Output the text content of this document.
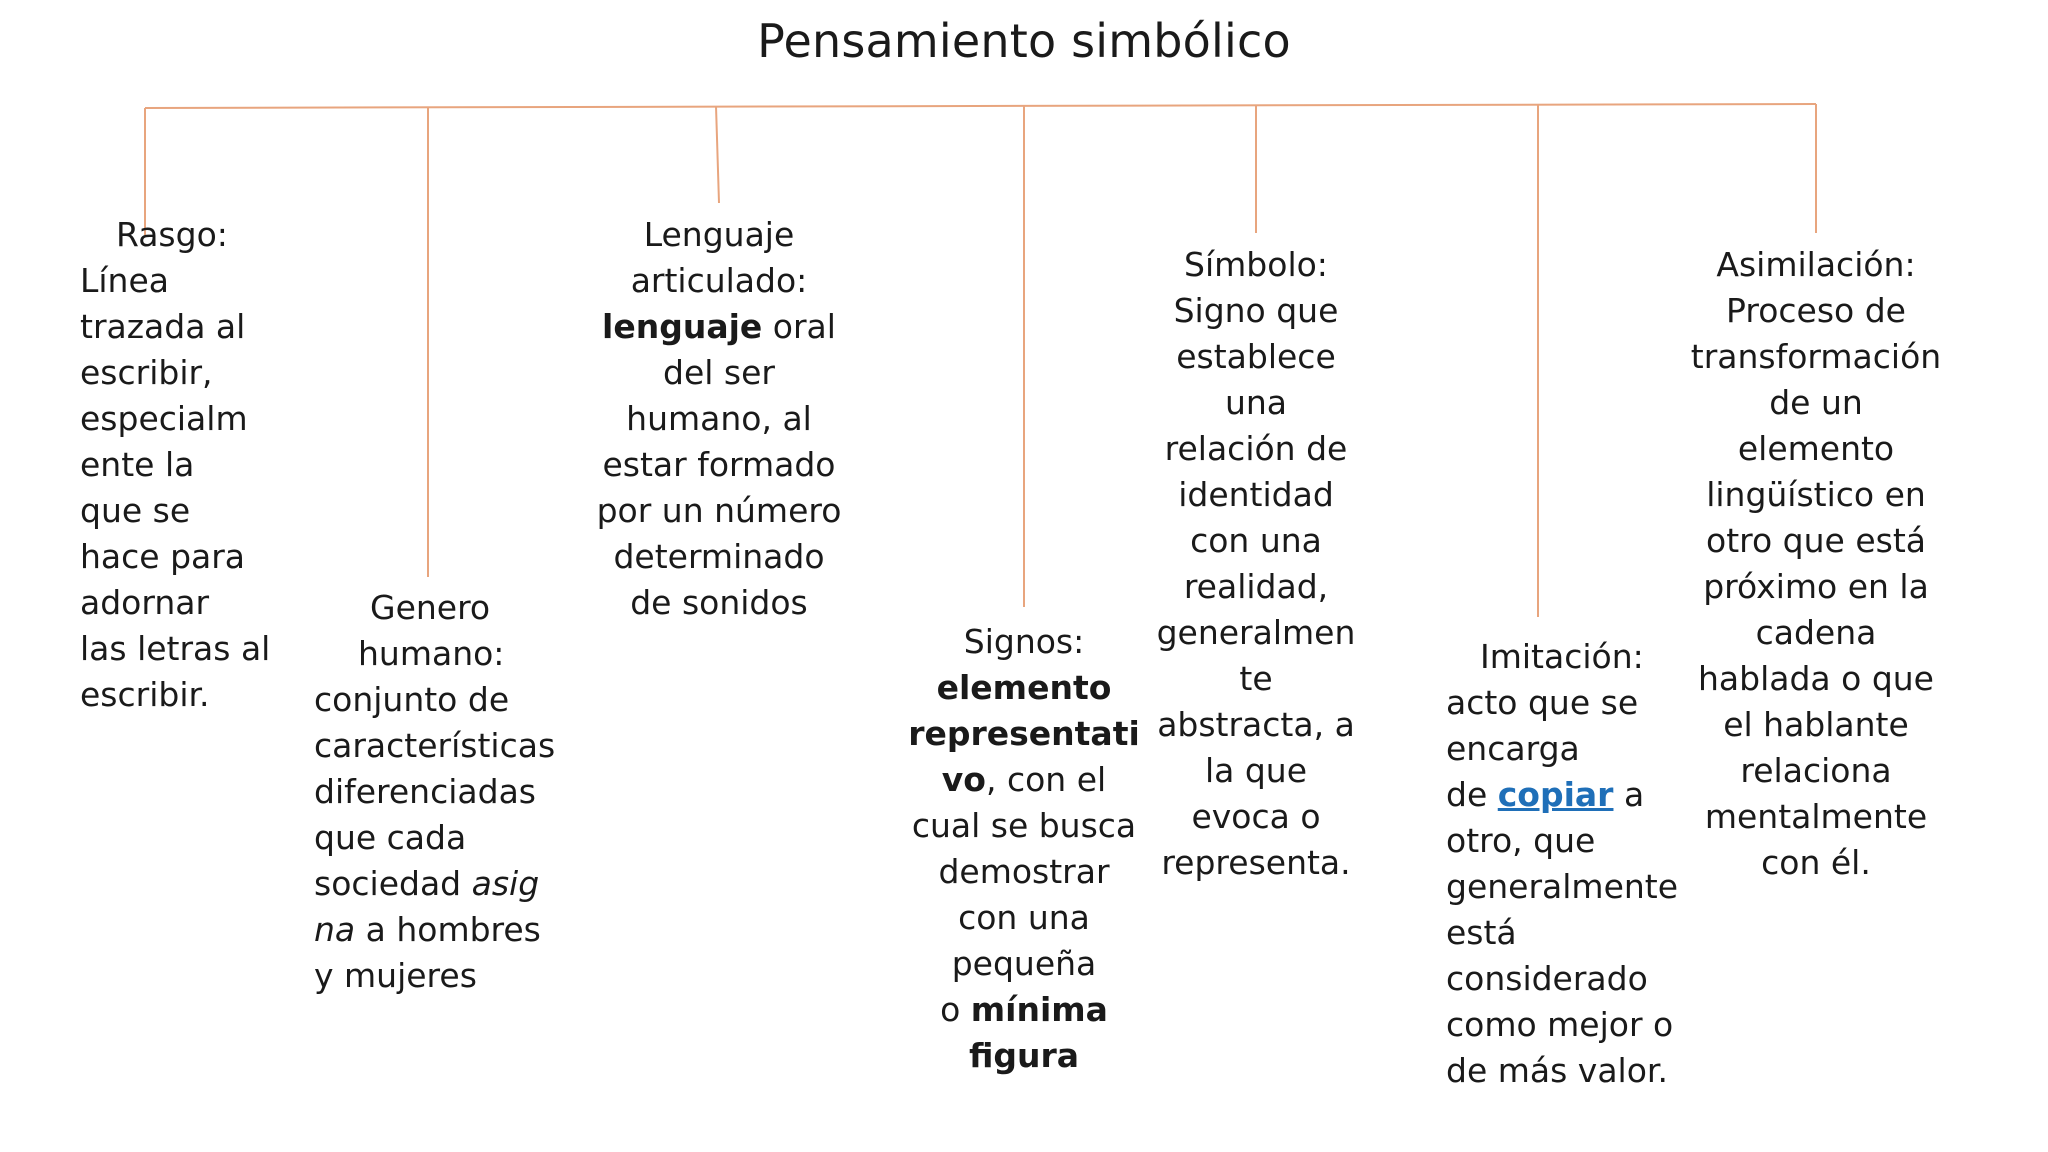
Pensamiento simbólico

Rasgo:

Línea

trazada al

escribir,

especialm

ente la

que se

hace para

adornar

las letras al

escribir.

Genero

humano:

conjunto de

características

diferenciadas

que cada

sociedad asig

na a hombres

y mujeres

Lenguaje

articulado:

lenguaje oral

del ser

humano, al

estar formado

por un número

determinado

de sonidos

Signos:

elemento

representati

vo, con el

cual se busca

demostrar

con una

pequeña

o mínima

figura

Símbolo:

Signo que

establece

una

relación de

identidad

con una

realidad,

generalmen

te

abstracta, a

la que

evoca o

representa.

Imitación:

acto que se

encarga

de copiar a

otro, que

generalmente

está

considerado

como mejor o

de más valor.

Asimilación:

Proceso de

transformación

de un

elemento

lingüístico en

otro que está

próximo en la

cadena

hablada o que

el hablante

relaciona

mentalmente

con él.
